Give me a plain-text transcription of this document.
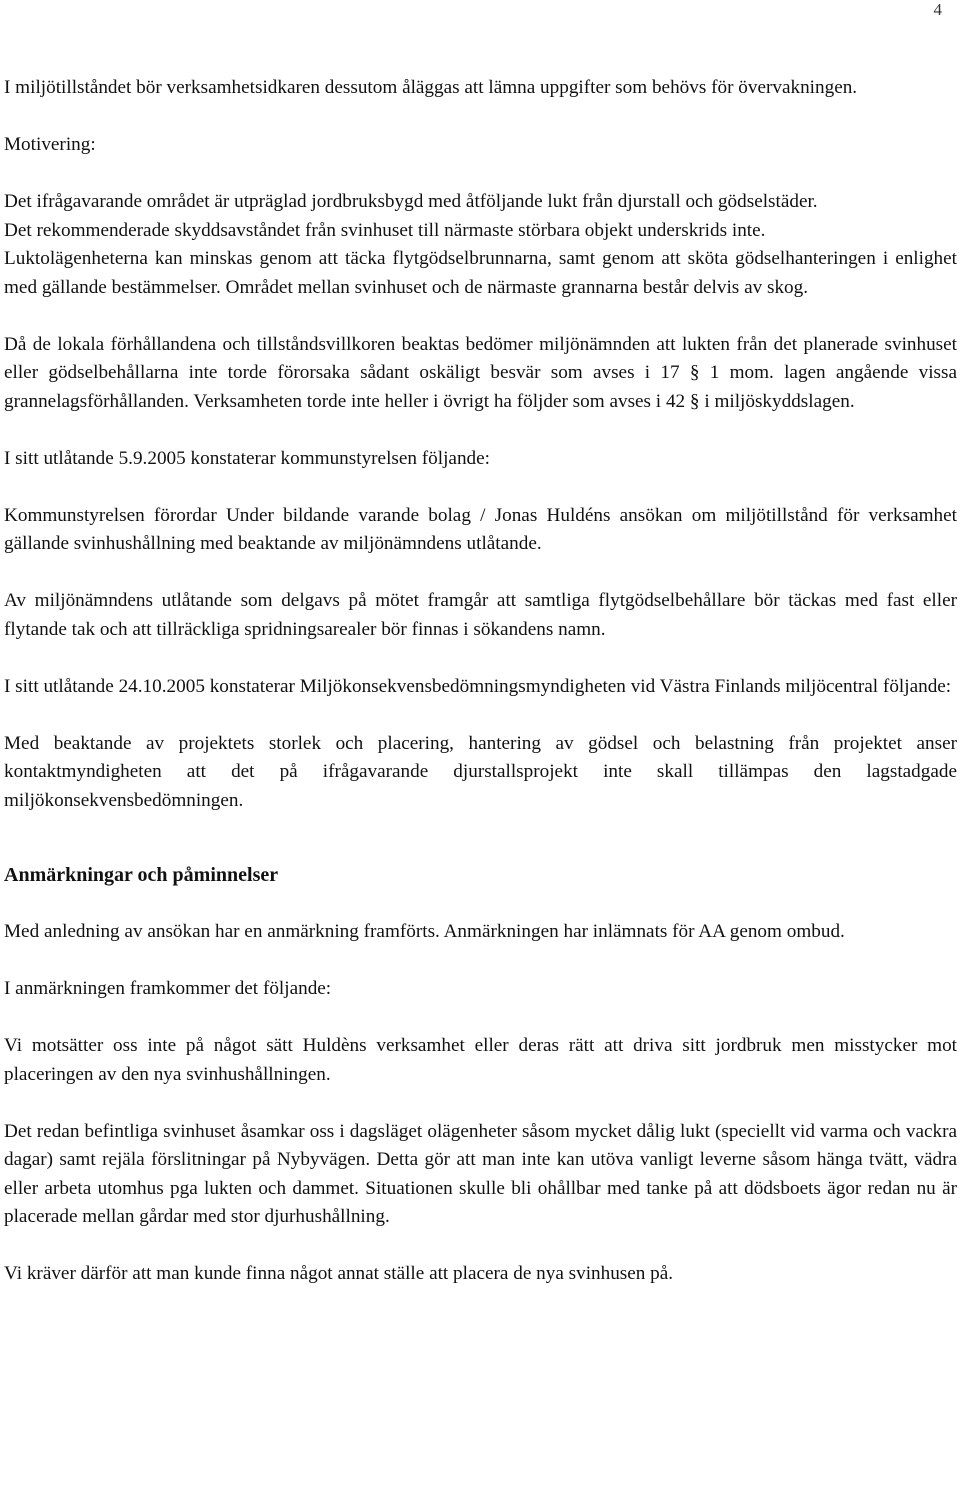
4

I miljötillståndet bör verksamhetsidkaren dessutom åläggas att lämna uppgifter som behövs för övervakningen.

Motivering:

Det ifrågavarande området är utpräglad jordbruksbygd med åtföljande lukt från djurstall och gödselstäder.

Det rekommenderade skyddsavståndet från svinhuset till närmaste störbara objekt underskrids inte.

Luktolägenheterna kan minskas genom att täcka flytgödselbrunnarna, samt genom att sköta gödselhanteringen i enlighet med gällande bestämmelser. Området mellan svinhuset och de närmaste grannarna består delvis av skog.

Då de lokala förhållandena och tillståndsvillkoren beaktas bedömer miljönämnden att lukten från det planerade svinhuset eller gödselbehållarna inte torde förorsaka sådant oskäligt besvär som avses i 17 § 1 mom. lagen angående vissa grannelagsförhållanden. Verksamheten torde inte heller i övrigt ha följder som avses i 42 § i miljöskyddslagen.

I sitt utlåtande 5.9.2005 konstaterar kommunstyrelsen följande:

Kommunstyrelsen förordar Under bildande varande bolag / Jonas Huldéns ansökan om miljötillstånd för verksamhet gällande svinhushållning med beaktande av miljönämndens utlåtande.

Av miljönämndens utlåtande som delgavs på mötet framgår att samtliga flytgödselbehållare bör täckas med fast eller flytande tak och att tillräckliga spridningsarealer bör finnas i sökandens namn.

I sitt utlåtande 24.10.2005 konstaterar Miljökonsekvensbedömningsmyndigheten vid Västra Finlands miljöcentral följande:

Med beaktande av projektets storlek och placering, hantering av gödsel och belastning från projektet anser kontaktmyndigheten att det på ifrågavarande djurstallsprojekt inte skall tillämpas den lagstadgade miljökonsekvensbedömningen.

Anmärkningar och påminnelser

Med anledning av ansökan har en anmärkning framförts. Anmärkningen har inlämnats för AA genom ombud.

I anmärkningen framkommer det följande:

Vi motsätter oss inte på något sätt Huldèns verksamhet eller deras rätt att driva sitt jordbruk men misstycker mot placeringen av den nya svinhushållningen.

Det redan befintliga svinhuset åsamkar oss i dagsläget olägenheter såsom mycket dålig lukt (speciellt vid varma och vackra dagar) samt rejäla förslitningar på Nybyvägen. Detta gör att man inte kan utöva vanligt leverne såsom hänga tvätt, vädra eller arbeta utomhus pga lukten och dammet. Situationen skulle bli ohållbar med tanke på att dödsboets ägor redan nu är placerade mellan gårdar med stor djurhushållning.

Vi kräver därför att man kunde finna något annat ställe att placera de nya svinhusen på.
